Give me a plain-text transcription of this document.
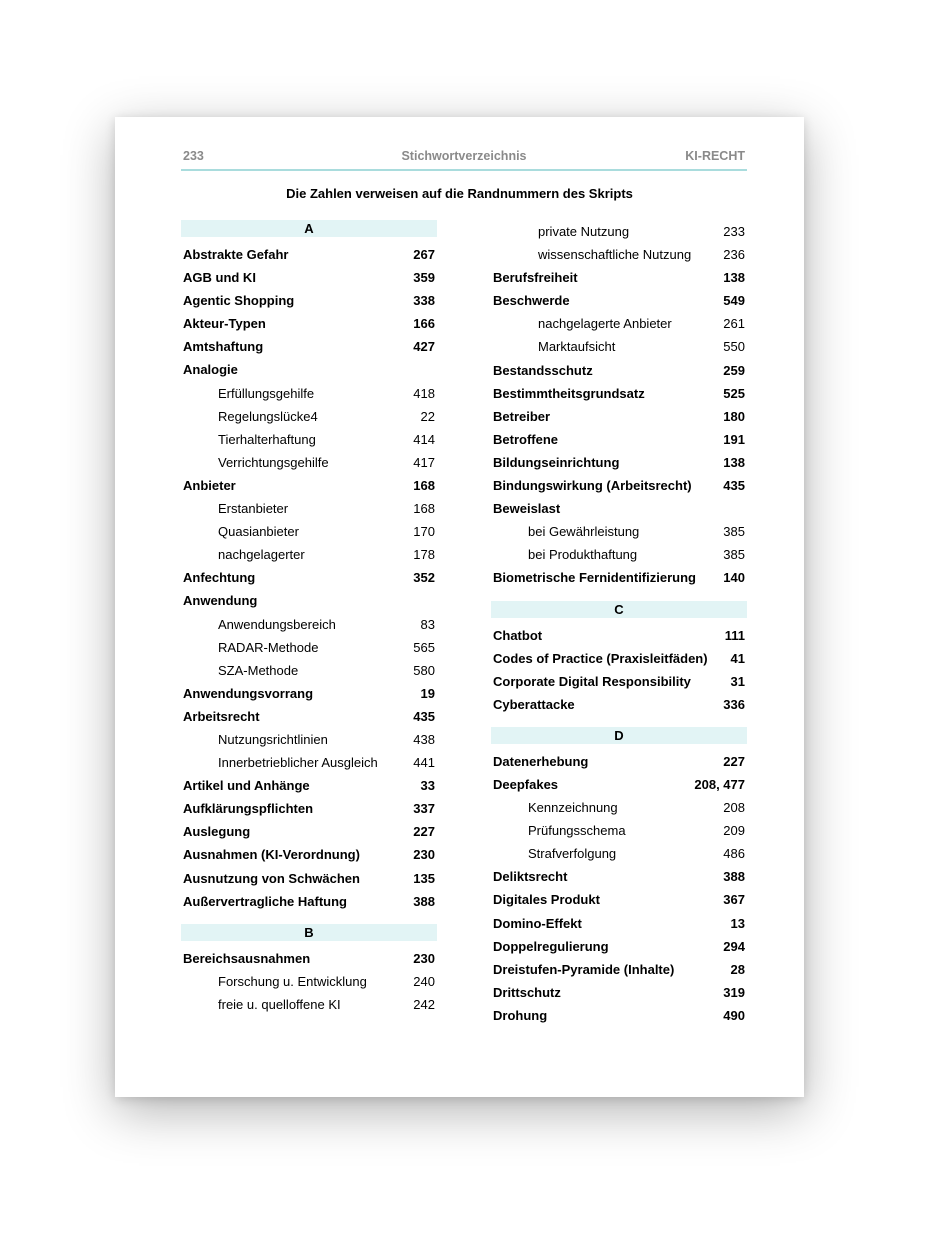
233	Stichwortverzeichnis	KI-RECHT
Die Zahlen verweisen auf die Randnummern des Skripts
A
Abstrakte Gefahr	267
AGB und KI	359
Agentic Shopping	338
Akteur-Typen	166
Amtshaftung	427
Analogie
Erfüllungsgehilfe	418
Regelungslücke4	22
Tierhalterhaftung	414
Verrichtungsgehilfe	417
Anbieter	168
Erstanbieter	168
Quasianbieter	170
nachgelagerter	178
Anfechtung	352
Anwendung
Anwendungsbereich	83
RADAR-Methode	565
SZA-Methode	580
Anwendungsvorrang	19
Arbeitsrecht	435
Nutzungsrichtlinien	438
Innerbetrieblicher Ausgleich	441
Artikel und Anhänge	33
Aufklärungspflichten	337
Auslegung	227
Ausnahmen (KI-Verordnung)	230
Ausnutzung von Schwächen	135
Außervertragliche Haftung	388
B
Bereichsausnahmen	230
Forschung u. Entwicklung	240
freie u. quelloffene KI	242
private Nutzung	233
wissenschaftliche Nutzung 236
Berufsfreiheit	138
Beschwerde	549
nachgelagerte Anbieter	261
Marktaufsicht	550
Bestandsschutz	259
Bestimmtheitsgrundsatz	525
Betreiber	180
Betroffene	191
Bildungseinrichtung	138
Bindungswirkung (Arbeitsrecht) 435
Beweislast
bei Gewährleistung	385
bei Produkthaftung	385
Biometrische Fernidentifizierung 140
C
Chatbot	111
Codes of Practice (Praxisleitfäden) 41
Corporate Digital Responsibility	31
Cyberattacke	336
D
Datenerhebung	227
Deepfakes	208, 477
Kennzeichnung	208
Prüfungsschema	209
Strafverfolgung	486
Deliktsrecht	388
Digitales Produkt	367
Domino-Effekt	13
Doppelregulierung	294
Dreistufen-Pyramide (Inhalte)	28
Drittschutz	319
Drohung	490
